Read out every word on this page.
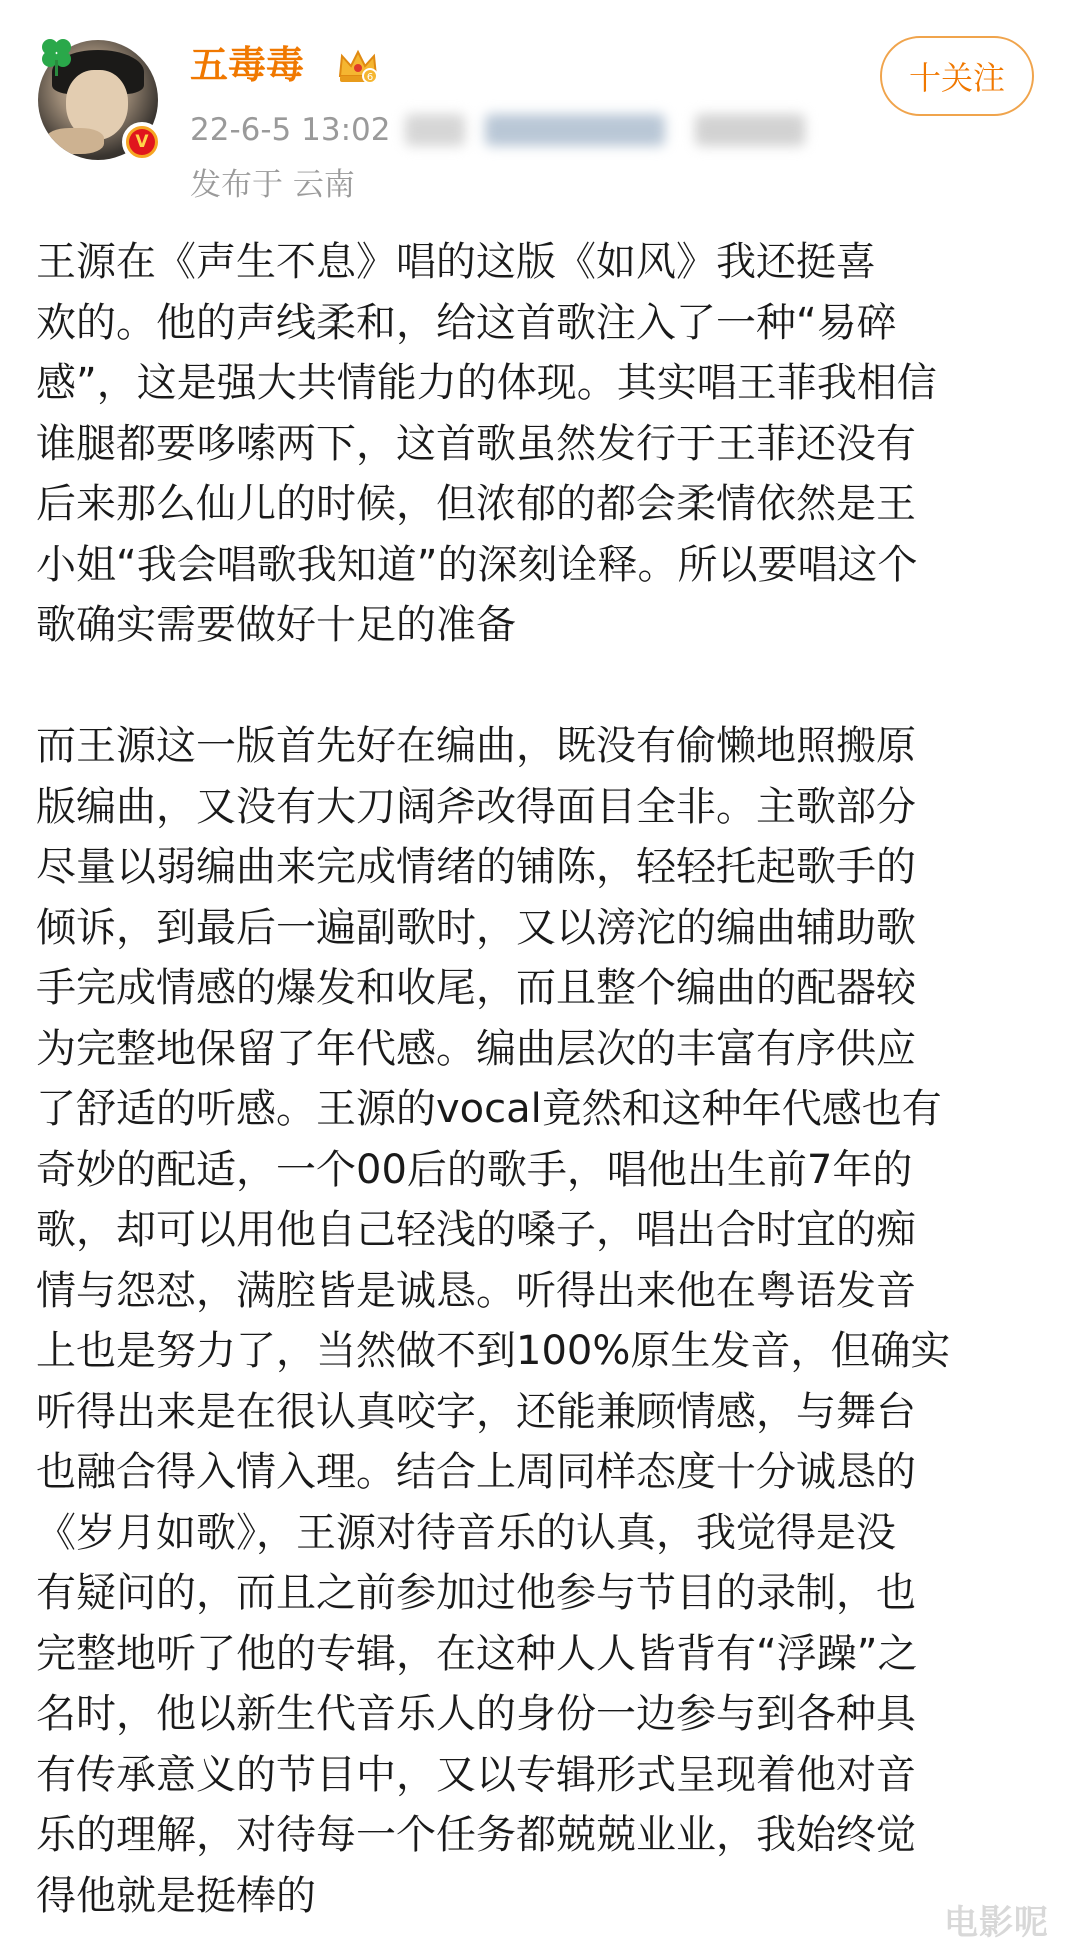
V
五毒毒	6
22-6-5 13:02
发布于 云南
十关注
王源在《声生不息》唱的这版《如风》我还挺喜
欢的。他的声线柔和，给这首歌注入了一种“易碎
感”，这是强大共情能力的体现。其实唱王菲我相信
谁腿都要哆嗦两下，这首歌虽然发行于王菲还没有
后来那么仙儿的时候，但浓郁的都会柔情依然是王
小姐“我会唱歌我知道”的深刻诠释。所以要唱这个
歌确实需要做好十足的准备
而王源这一版首先好在编曲，既没有偷懒地照搬原
版编曲，又没有大刀阔斧改得面目全非。主歌部分
尽量以弱编曲来完成情绪的铺陈，轻轻托起歌手的
倾诉，到最后一遍副歌时，又以滂沱的编曲辅助歌
手完成情感的爆发和收尾，而且整个编曲的配器较
为完整地保留了年代感。编曲层次的丰富有序供应
了舒适的听感。王源的vocal竟然和这种年代感也有
奇妙的配适，一个00后的歌手，唱他出生前7年的
歌，却可以用他自己轻浅的嗓子，唱出合时宜的痴
情与怨怼，满腔皆是诚恳。听得出来他在粤语发音
上也是努力了，当然做不到100%原生发音，但确实
听得出来是在很认真咬字，还能兼顾情感，与舞台
也融合得入情入理。结合上周同样态度十分诚恳的
《岁月如歌》，王源对待音乐的认真，我觉得是没
有疑问的，而且之前参加过他参与节目的录制，也
完整地听了他的专辑，在这种人人皆背有“浮躁”之
名时，他以新生代音乐人的身份一边参与到各种具
有传承意义的节目中，又以专辑形式呈现着他对音
乐的理解，对待每一个任务都兢兢业业，我始终觉
得他就是挺棒的
电影呢
